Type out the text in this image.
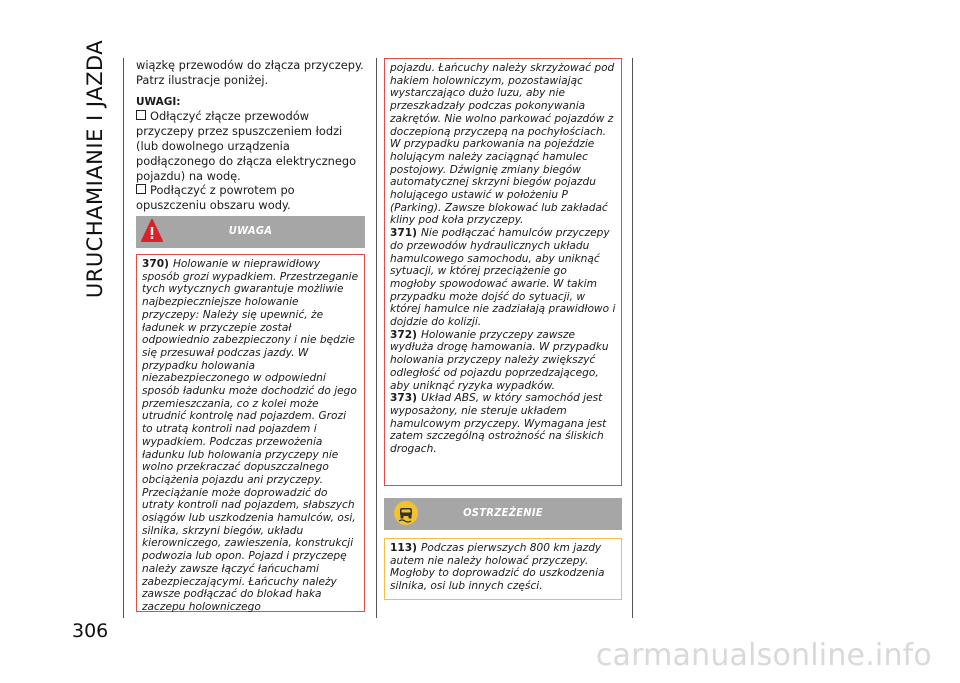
URUCHAMIANIE I JAZDA
306

wiązkę przewodów do złącza przyczepy. Patrz ilustracje poniżej.

UWAGI:

Odłączyć złącze przewodów przyczepy przez spuszczeniem łodzi (lub dowolnego urządzenia podłączonego do złącza elektrycznego pojazdu) na wodę.

Podłączyć z powrotem po opuszczeniu obszaru wody.

UWAGA

370) Holowanie w nieprawidłowy sposób grozi wypadkiem. Przestrzeganie tych wytycznych gwarantuje możliwie najbezpieczniejsze holowanie przyczepy: Należy się upewnić, że ładunek w przyczepie został odpowiednio zabezpieczony i nie będzie się przesuwał podczas jazdy. W przypadku holowania niezabezpieczonego w odpowiedni sposób ładunku może dochodzić do jego przemieszczania, co z kolei może utrudnić kontrolę nad pojazdem. Grozi to utratą kontroli nad pojazdem i wypadkiem. Podczas przewożenia ładunku lub holowania przyczepy nie wolno przekraczać dopuszczalnego obciążenia pojazdu ani przyczepy. Przeciążanie może doprowadzić do utraty kontroli nad pojazdem, słabszych osiągów lub uszkodzenia hamulców, osi, silnika, skrzyni biegów, układu kierowniczego, zawieszenia, konstrukcji podwozia lub opon. Pojazd i przyczepę należy zawsze łączyć łańcuchami zabezpieczającymi. Łańcuchy należy zawsze podłączać do blokad haka zaczepu holowniczego

pojazdu. Łańcuchy należy skrzyżować pod hakiem holowniczym, pozostawiając wystarczająco dużo luzu, aby nie przeszkadzały podczas pokonywania zakrętów. Nie wolno parkować pojazdów z doczepioną przyczepą na pochyłościach. W przypadku parkowania na pojeździe holującym należy zaciągnąć hamulec postojowy. Dźwignię zmiany biegów automatycznej skrzyni biegów pojazdu holującego ustawić w położeniu P (Parking). Zawsze blokować lub zakładać kliny pod koła przyczepy.

371) Nie podłączać hamulców przyczepy do przewodów hydraulicznych układu hamulcowego samochodu, aby uniknąć sytuacji, w której przeciążenie go mogłoby spowodować awarie. W takim przypadku może dojść do sytuacji, w której hamulce nie zadziałają prawidłowo i dojdzie do kolizji.

372) Holowanie przyczepy zawsze wydłuża drogę hamowania. W przypadku holowania przyczepy należy zwiększyć odległość od pojazdu poprzedzającego, aby uniknąć ryzyka wypadków.

373) Układ ABS, w który samochód jest wyposażony, nie steruje układem hamulcowym przyczepy. Wymagana jest zatem szczególną ostrożność na śliskich drogach.

OSTRZEŻENIE

113) Podczas pierwszych 800 km jazdy autem nie należy holować przyczepy. Mogłoby to doprowadzić do uszkodzenia silnika, osi lub innych części.

carmanualsonline.info
